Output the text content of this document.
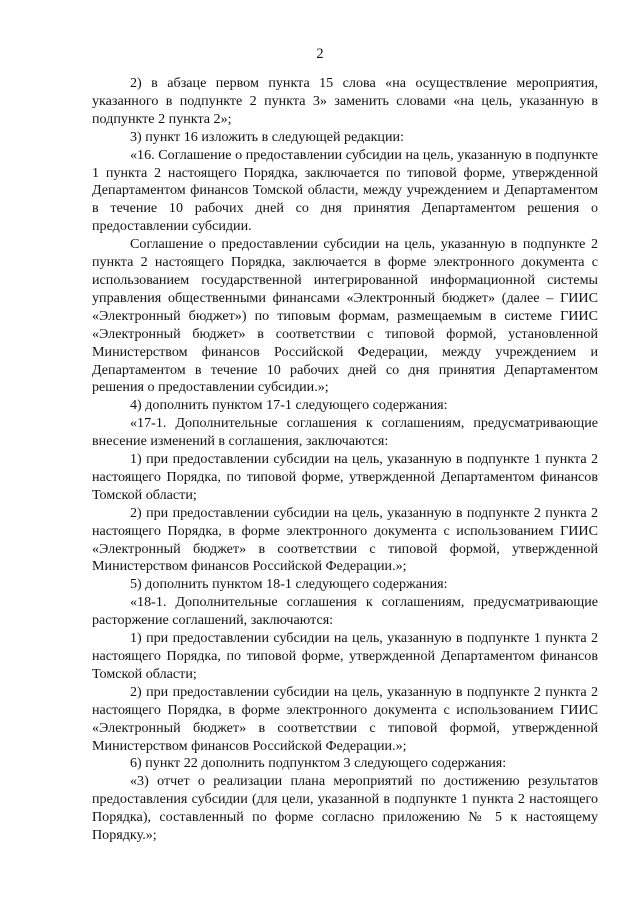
2

2) в абзаце первом пункта 15 слова «на осуществление мероприятия, указанного в подпункте 2 пункта 3» заменить словами «на цель, указанную в подпункте 2 пункта 2»;

3) пункт 16 изложить в следующей редакции:

«16. Соглашение о предоставлении субсидии на цель, указанную в подпункте 1 пункта 2 настоящего Порядка, заключается по типовой форме, утвержденной Департаментом финансов Томской области, между учреждением и Департаментом в течение 10 рабочих дней со дня принятия Департаментом решения о предоставлении субсидии.

Соглашение о предоставлении субсидии на цель, указанную в подпункте 2 пункта 2 настоящего Порядка, заключается в форме электронного документа с использованием государственной интегрированной информационной системы управления общественными финансами «Электронный бюджет» (далее – ГИИС «Электронный бюджет») по типовым формам, размещаемым в системе ГИИС «Электронный бюджет» в соответствии с типовой формой, установленной Министерством финансов Российской Федерации, между учреждением и Департаментом в течение 10 рабочих дней со дня принятия Департаментом решения о предоставлении субсидии.»;

4) дополнить пунктом 17-1 следующего содержания:

«17-1. Дополнительные соглашения к соглашениям, предусматривающие внесение изменений в соглашения, заключаются:

1) при предоставлении субсидии на цель, указанную в подпункте 1 пункта 2 настоящего Порядка, по типовой форме, утвержденной Департаментом финансов Томской области;

2) при предоставлении субсидии на цель, указанную в подпункте 2 пункта 2 настоящего Порядка, в форме электронного документа с использованием ГИИС «Электронный бюджет» в соответствии с типовой формой, утвержденной Министерством финансов Российской Федерации.»;

5) дополнить пунктом 18-1 следующего содержания:

«18-1. Дополнительные соглашения к соглашениям, предусматривающие расторжение соглашений, заключаются:

1) при предоставлении субсидии на цель, указанную в подпункте 1 пункта 2 настоящего Порядка, по типовой форме, утвержденной Департаментом финансов Томской области;

2) при предоставлении субсидии на цель, указанную в подпункте 2 пункта 2 настоящего Порядка, в форме электронного документа с использованием ГИИС «Электронный бюджет» в соответствии с типовой формой, утвержденной Министерством финансов Российской Федерации.»;

6) пункт 22 дополнить подпунктом 3 следующего содержания:

«3) отчет о реализации плана мероприятий по достижению результатов предоставления субсидии (для цели, указанной в подпункте 1 пункта 2 настоящего Порядка), составленный по форме согласно приложению № 5 к настоящему Порядку.»;
